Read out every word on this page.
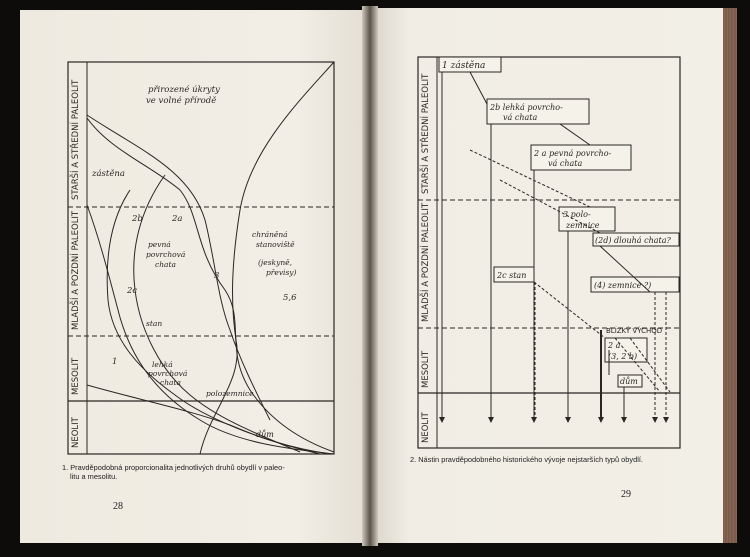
NEOLIT
MESOLIT
MLADŠÍ A POZDNÍ PALEOLIT
STARŠÍ A STŘEDNÍ PALEOLIT	přirozené úkryty
ve volné přírodě
zástěna
2b	2a
pevná
povrchová
chata
2c
3
chráněná
stanoviště
(jeskyně,
převisy)
5,6
stan
1	lehká
povrchová
chata
polozemnice
dům	NEOLIT
MESOLIT
MLADŠÍ A POZDNÍ PALEOLIT
STARŠÍ A STŘEDNÍ PALEOLIT
1 zástěna
2b lehká povrcho-
vá chata
2 a pevná povrcho-
vá chata
3 polo-
zemnice
(2d) dlouhá chata?
2c stan
(4) zemnice ?)
BLÍZKÝ VÝCHOD
2 a
(3, 2 b)
dům
1. Pravděpodobná proporcionalita jednotlivých druhů obydlí v paleo-
litu a mesolitu.
28
2. Nástin pravděpodobného historického vývoje nejstarších typů obydlí.
29
